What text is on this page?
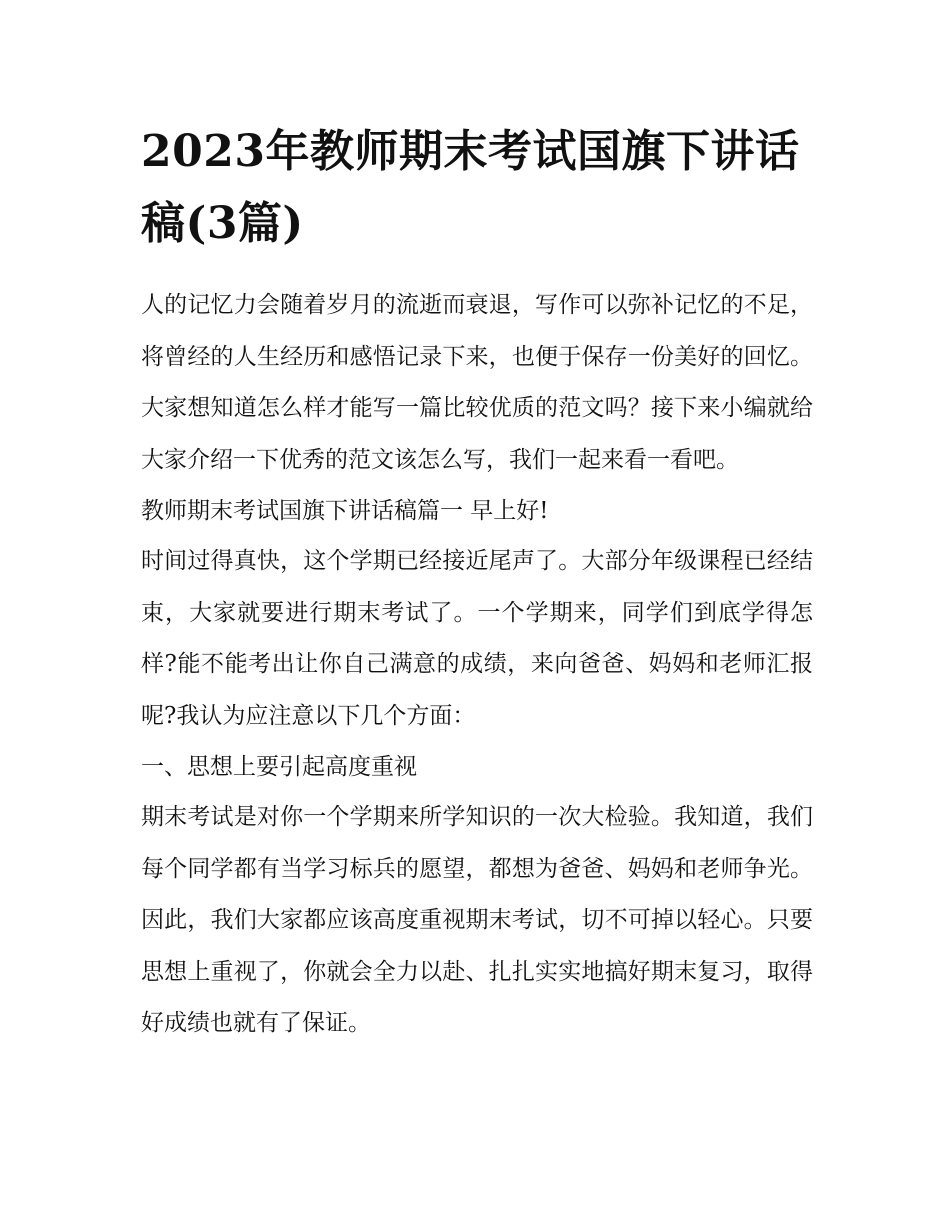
2023年教师期末考试国旗下讲话稿(3篇)

人的记忆力会随着岁月的流逝而衰退，写作可以弥补记忆的不足，将曾经的人生经历和感悟记录下来，也便于保存一份美好的回忆。大家想知道怎么样才能写一篇比较优质的范文吗？接下来小编就给大家介绍一下优秀的范文该怎么写，我们一起来看一看吧。

教师期末考试国旗下讲话稿篇一 早上好!

时间过得真快，这个学期已经接近尾声了。大部分年级课程已经结束，大家就要进行期末考试了。一个学期来，同学们到底学得怎样?能不能考出让你自己满意的成绩，来向爸爸、妈妈和老师汇报呢?我认为应注意以下几个方面：

一、思想上要引起高度重视

期末考试是对你一个学期来所学知识的一次大检验。我知道，我们每个同学都有当学习标兵的愿望，都想为爸爸、妈妈和老师争光。因此，我们大家都应该高度重视期末考试，切不可掉以轻心。只要思想上重视了，你就会全力以赴、扎扎实实地搞好期末复习，取得好成绩也就有了保证。
